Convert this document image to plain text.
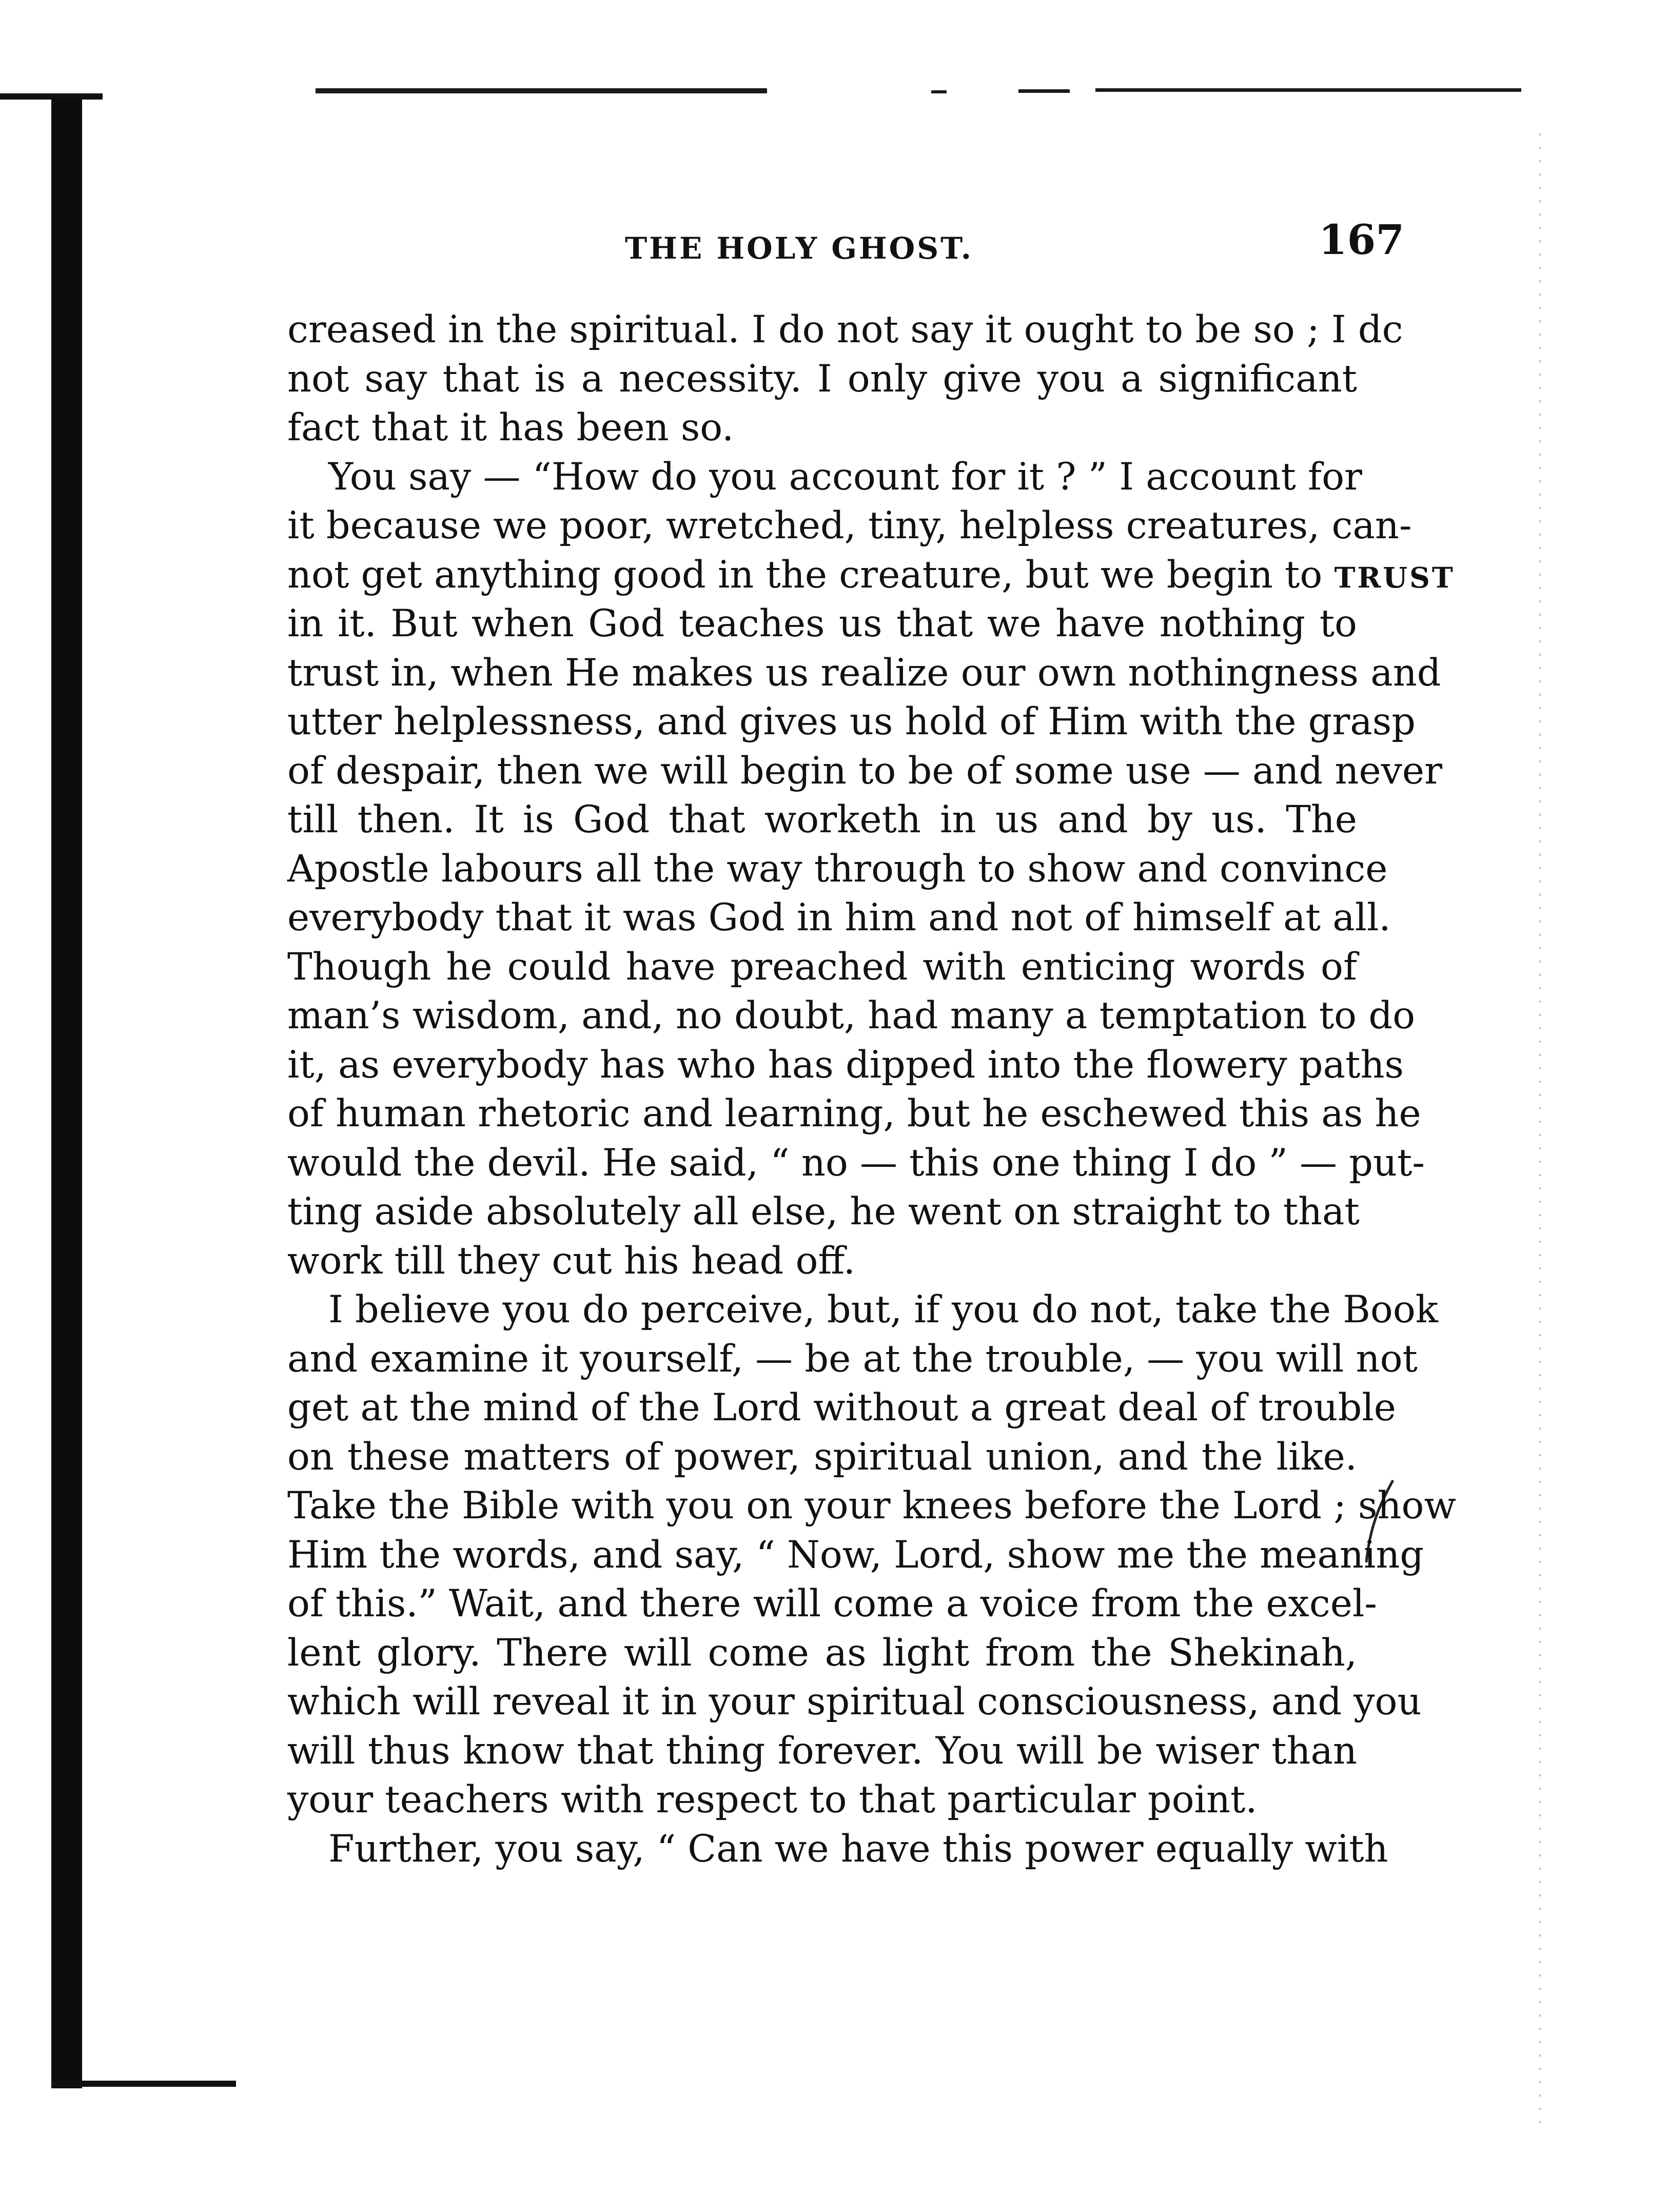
THE HOLY GHOST.	167
creased in the spiritual. I do not say it ought to be so ; I dc
not say that is a necessity. I only give you a significant
fact that it has been so.
You say — “How do you account for it ? ” I account for
it because we poor, wretched, tiny, helpless creatures, can-
not get anything good in the creature, but we begin to TRUST
in it. But when God teaches us that we have nothing to
trust in, when He makes us realize our own nothingness and
utter helplessness, and gives us hold of Him with the grasp
of despair, then we will begin to be of some use — and never
till then. It is God that worketh in us and by us. The
Apostle labours all the way through to show and convince
everybody that it was God in him and not of himself at all.
Though he could have preached with enticing words of
man’s wisdom, and, no doubt, had many a temptation to do
it, as everybody has who has dipped into the flowery paths
of human rhetoric and learning, but he eschewed this as he
would the devil. He said, “ no — this one thing I do ” — put-
ting aside absolutely all else, he went on straight to that
work till they cut his head off.
I believe you do perceive, but, if you do not, take the Book
and examine it yourself, — be at the trouble, — you will not
get at the mind of the Lord without a great deal of trouble
on these matters of power, spiritual union, and the like.
Take the Bible with you on your knees before the Lord ; show
Him the words, and say, “ Now, Lord, show me the meaning
of this.” Wait, and there will come a voice from the excel-
lent glory. There will come as light from the Shekinah,
which will reveal it in your spiritual consciousness, and you
will thus know that thing forever. You will be wiser than
your teachers with respect to that particular point.
Further, you say, “ Can we have this power equally with
